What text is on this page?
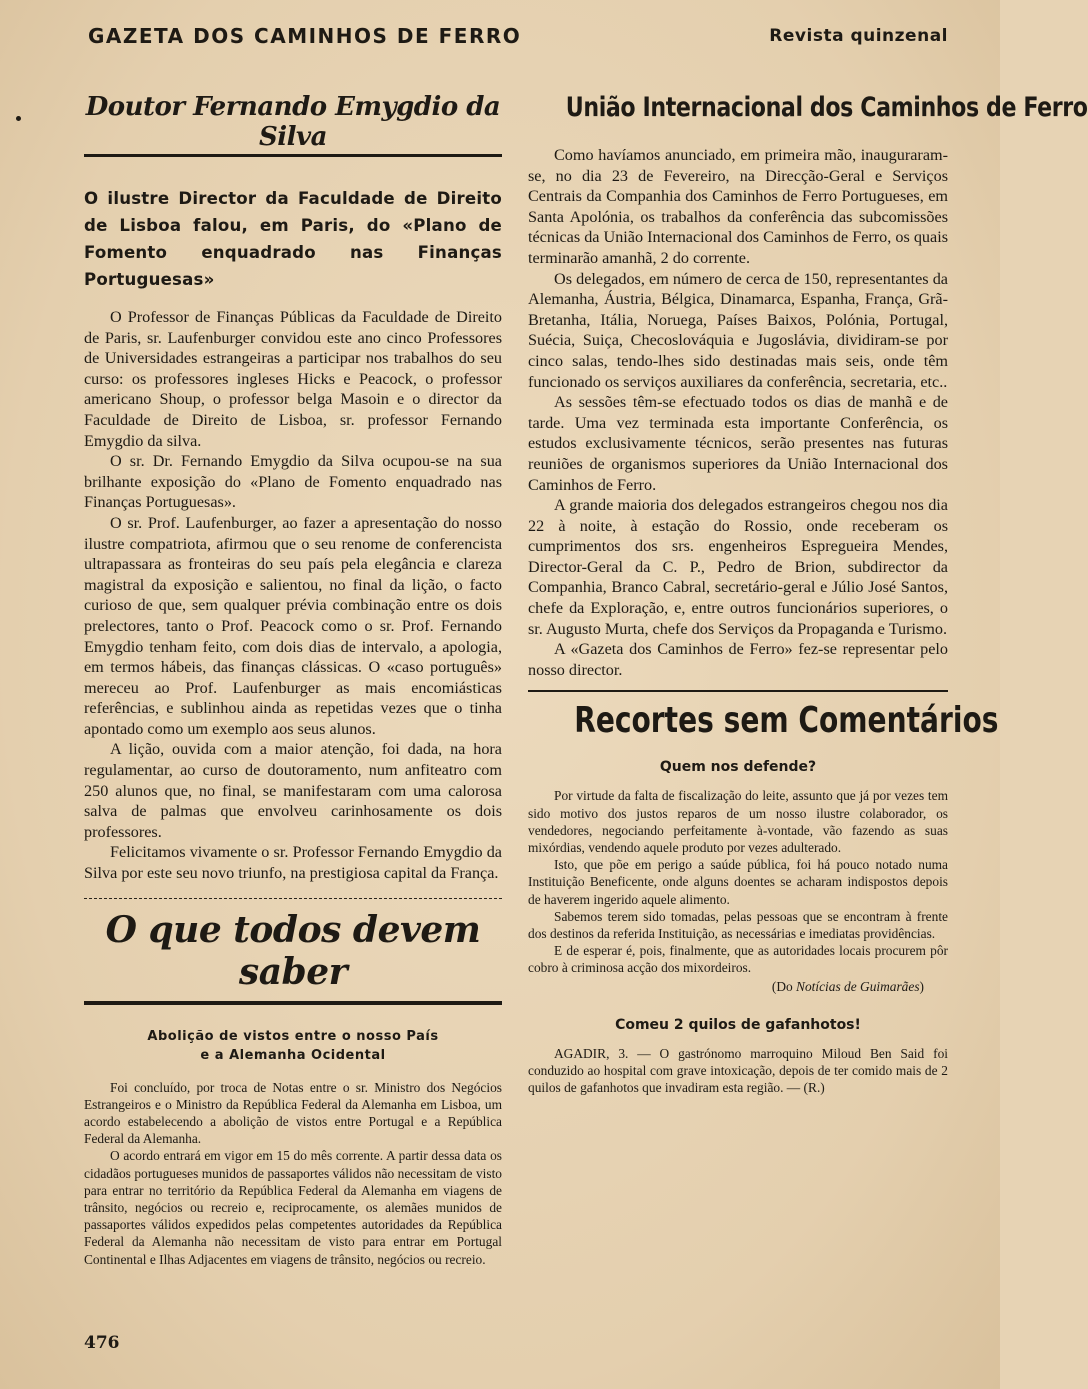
GAZETA DOS CAMINHOS DE FERRO	Revista quinzenal
Doutor Fernando Emygdio da Silva
O ilustre Director da Faculdade de Direito de Lisboa falou, em Paris, do «Plano de Fomento enquadrado nas Finanças Portuguesas»

O Professor de Finanças Públicas da Faculdade de Direito de Paris, sr. Laufenburger convidou este ano cinco Professores de Universidades estrangeiras a participar nos trabalhos do seu curso: os professores ingleses Hicks e Peacock, o professor americano Shoup, o professor belga Masoin e o director da Faculdade de Direito de Lisboa, sr. professor Fernando Emygdio da silva.

O sr. Dr. Fernando Emygdio da Silva ocupou-se na sua brilhante exposição do «Plano de Fomento enquadrado nas Finanças Portuguesas».

O sr. Prof. Laufenburger, ao fazer a apresentação do nosso ilustre compatriota, afirmou que o seu renome de conferencista ultrapassara as fronteiras do seu país pela elegância e clareza magistral da exposição e salientou, no final da lição, o facto curioso de que, sem qualquer prévia combinação entre os dois prelectores, tanto o Prof. Peacock como o sr. Prof. Fernando Emygdio tenham feito, com dois dias de intervalo, a apologia, em termos hábeis, das finanças clássicas. O «caso português» mereceu ao Prof. Laufenburger as mais encomiásticas referências, e sublinhou ainda as repetidas vezes que o tinha apontado como um exemplo aos seus alunos.

A lição, ouvida com a maior atenção, foi dada, na hora regulamentar, ao curso de doutoramento, num anfiteatro com 250 alunos que, no final, se manifestaram com uma calorosa salva de palmas que envolveu carinhosamente os dois professores.

Felicitamos vivamente o sr. Professor Fernando Emygdio da Silva por este seu novo triunfo, na prestigiosa capital da França.

O que todos devem saber
Abolição de vistos entre o nosso País
e a Alemanha Ocidental

Foi concluído, por troca de Notas entre o sr. Ministro dos Negócios Estrangeiros e o Ministro da República Federal da Alemanha em Lisboa, um acordo estabelecendo a abolição de vistos entre Portugal e a República Federal da Alemanha.

O acordo entrará em vigor em 15 do mês corrente. A partir dessa data os cidadãos portugueses munidos de passaportes válidos não necessitam de visto para entrar no território da República Federal da Alemanha em viagens de trânsito, negócios ou recreio e, reciprocamente, os alemães munidos de passaportes válidos expedidos pelas competentes autoridades da República Federal da Alemanha não necessitam de visto para entrar em Portugal Continental e Ilhas Adjacentes em viagens de trânsito, negócios ou recreio.

União Internacional dos Caminhos de Ferro

Como havíamos anunciado, em primeira mão, inauguraram-se, no dia 23 de Fevereiro, na Direcção-Geral e Serviços Centrais da Companhia dos Caminhos de Ferro Portugueses, em Santa Apolónia, os trabalhos da conferência das subcomissões técnicas da União Internacional dos Caminhos de Ferro, os quais terminarão amanhã, 2 do corrente.

Os delegados, em número de cerca de 150, representantes da Alemanha, Áustria, Bélgica, Dinamarca, Espanha, França, Grã-Bretanha, Itália, Noruega, Países Baixos, Polónia, Portugal, Suécia, Suiça, Checoslováquia e Jugoslávia, dividiram-se por cinco salas, tendo-lhes sido destinadas mais seis, onde têm funcionado os serviços auxiliares da conferência, secretaria, etc..

As sessões têm-se efectuado todos os dias de manhã e de tarde. Uma vez terminada esta importante Conferência, os estudos exclusivamente técnicos, serão presentes nas futuras reuniões de organismos superiores da União Internacional dos Caminhos de Ferro.

A grande maioria dos delegados estrangeiros chegou nos dia 22 à noite, à estação do Rossio, onde receberam os cumprimentos dos srs. engenheiros Espregueira Mendes, Director-Geral da C. P., Pedro de Brion, subdirector da Companhia, Branco Cabral, secretário-geral e Júlio José Santos, chefe da Exploração, e, entre outros funcionários superiores, o sr. Augusto Murta, chefe dos Serviços da Propaganda e Turismo.

A «Gazeta dos Caminhos de Ferro» fez-se representar pelo nosso director.

Recortes sem Comentários
Quem nos defende?

Por virtude da falta de fiscalização do leite, assunto que já por vezes tem sido motivo dos justos reparos de um nosso ilustre colaborador, os vendedores, negociando perfeitamente à-vontade, vão fazendo as suas mixórdias, vendendo aquele produto por vezes adulterado.

Isto, que põe em perigo a saúde pública, foi há pouco notado numa Instituição Beneficente, onde alguns doentes se acharam indispostos depois de haverem ingerido aquele alimento.

Sabemos terem sido tomadas, pelas pessoas que se encontram à frente dos destinos da referida Instituição, as necessárias e imediatas providências.

E de esperar é, pois, finalmente, que as autoridades locais procurem pôr cobro à criminosa acção dos mixordeiros.

(Do Notícias de Guimarães)
Comeu 2 quilos de gafanhotos!

AGADIR, 3. — O gastrónomo marroquino Miloud Ben Said foi conduzido ao hospital com grave intoxicação, depois de ter comido mais de 2 quilos de gafanhotos que invadiram esta região. — (R.)

476
